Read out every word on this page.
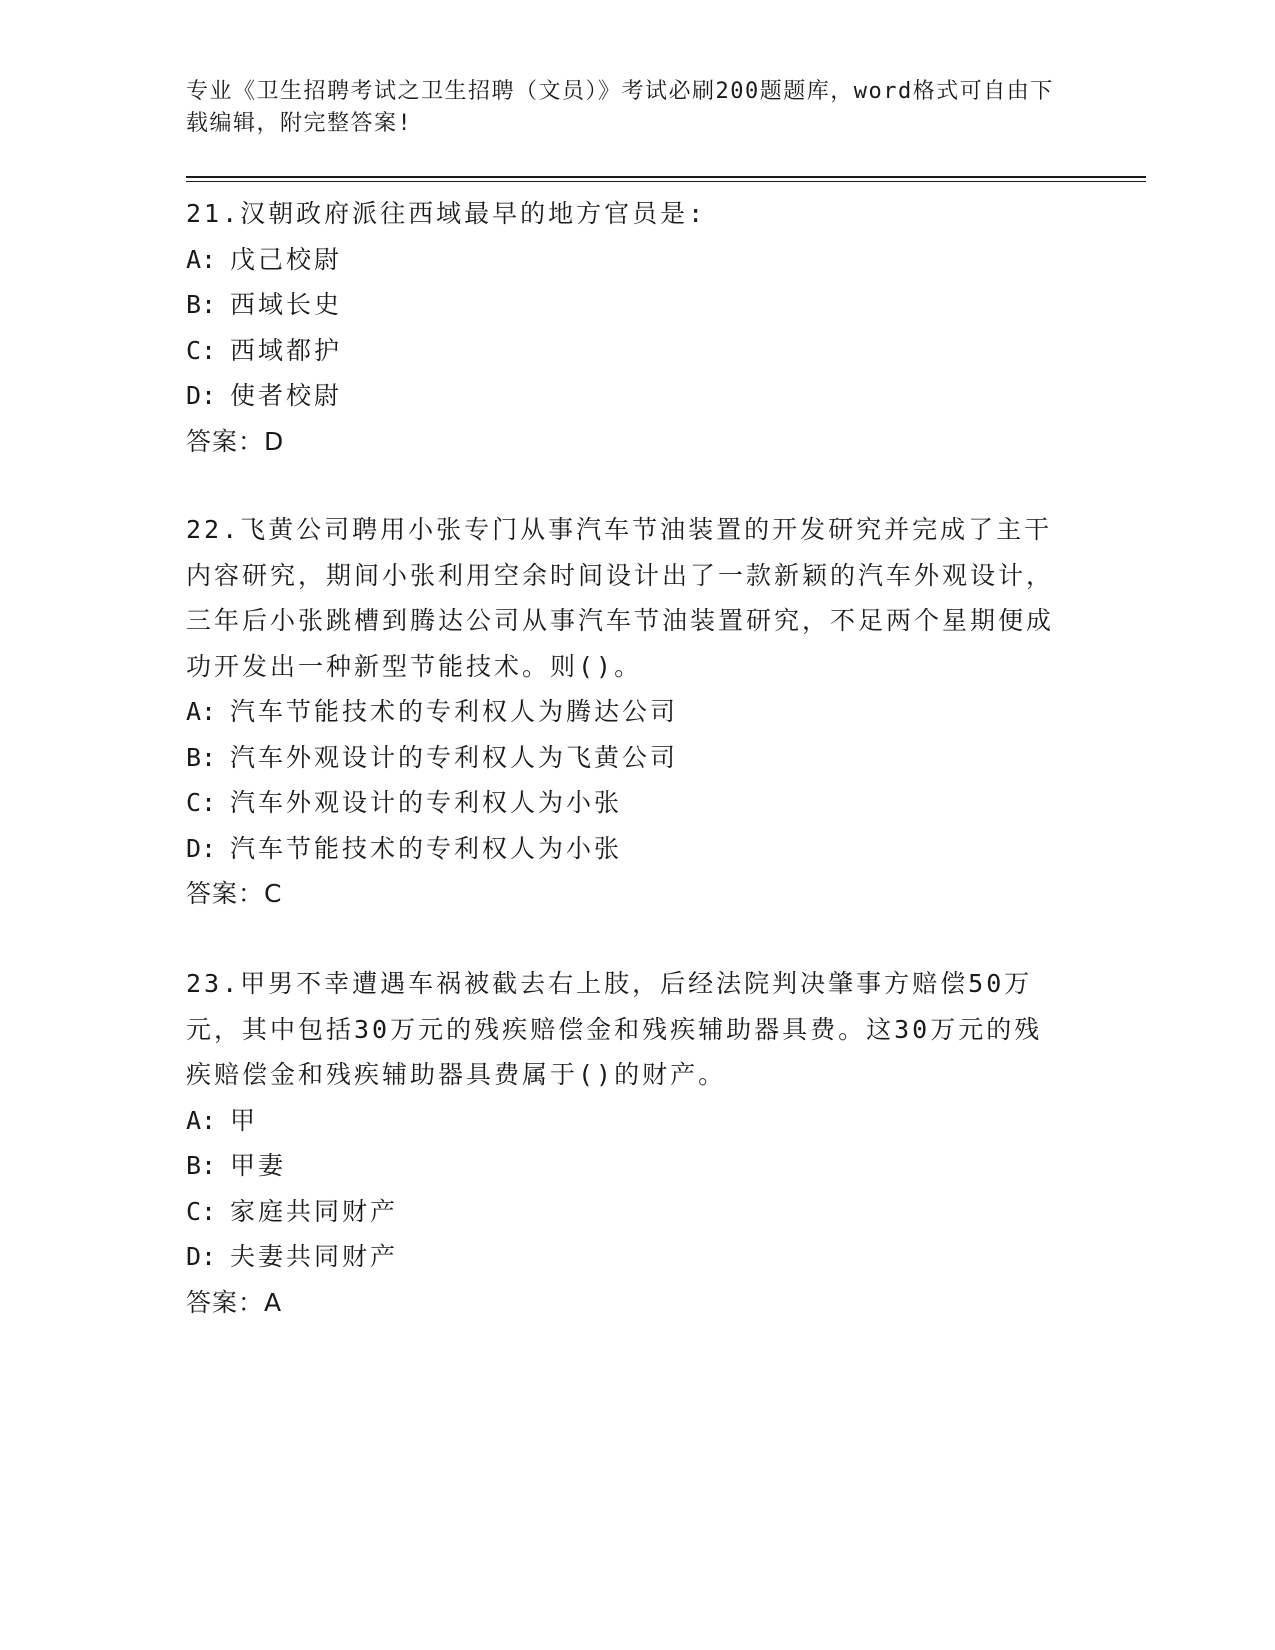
专业《卫生招聘考试之卫生招聘（文员）》考试必刷200题题库，word格式可自由下载编辑，附完整答案!

21.汉朝政府派往西域最早的地方官员是:

A: 戊己校尉

B: 西域长史

C: 西域都护

D: 使者校尉

答案：D

22.飞黄公司聘用小张专门从事汽车节油装置的开发研究并完成了主干内容研究，期间小张利用空余时间设计出了一款新颖的汽车外观设计，三年后小张跳槽到腾达公司从事汽车节油装置研究，不足两个星期便成功开发出一种新型节能技术。则()。

A: 汽车节能技术的专利权人为腾达公司

B: 汽车外观设计的专利权人为飞黄公司

C: 汽车外观设计的专利权人为小张

D: 汽车节能技术的专利权人为小张

答案：C

23.甲男不幸遭遇车祸被截去右上肢，后经法院判决肇事方赔偿50万元，其中包括30万元的残疾赔偿金和残疾辅助器具费。这30万元的残疾赔偿金和残疾辅助器具费属于()的财产。

A: 甲

B: 甲妻

C: 家庭共同财产

D: 夫妻共同财产

答案：A
